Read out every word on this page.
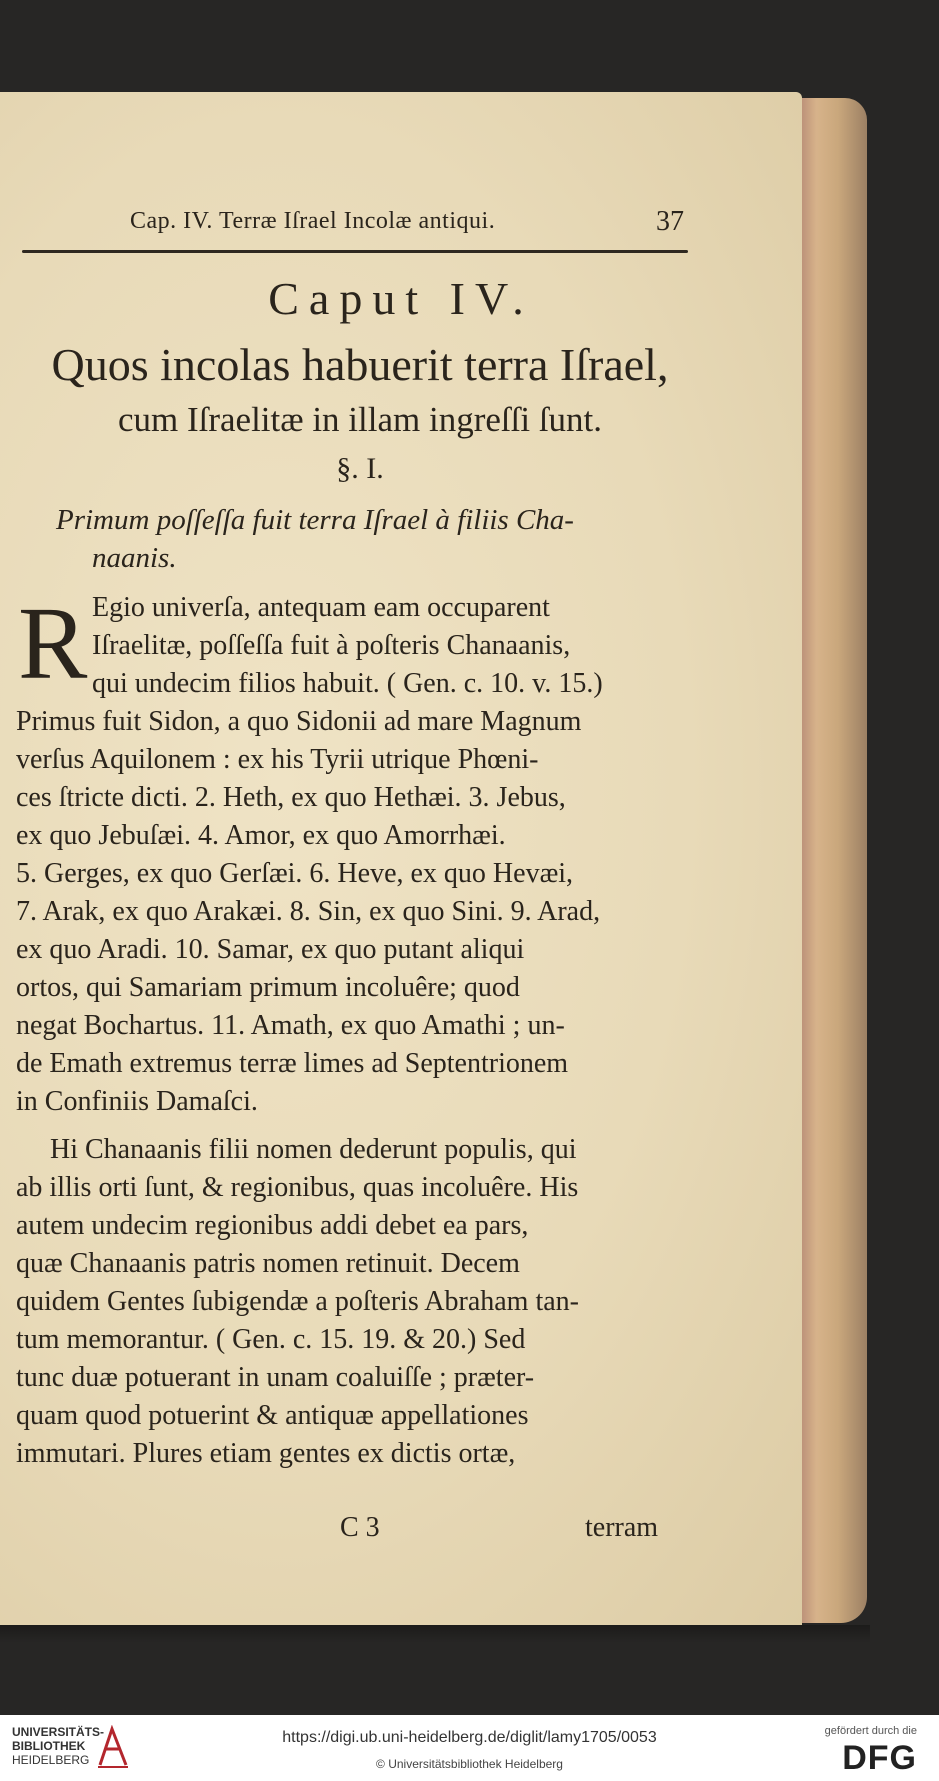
Cap. IV. Terræ Iſrael Incolæ antiqui.	37
Caput IV.
Quos incolas habuerit terra Iſrael,
cum Iſraelitæ in illam ingreſſi ſunt.
§. I.
Primum poſſeſſa fuit terra Iſrael à filiis Cha-
naanis.
R Egio univerſa, antequam eam occuparent
Iſraelitæ, poſſeſſa fuit à poſteris Chanaanis,
qui undecim filios habuit. ( Gen. c. 10. v. 15.)
Primus fuit Sidon, a quo Sidonii ad mare Magnum
verſus Aquilonem : ex his Tyrii utrique Phœni-
ces ſtricte dicti. 2. Heth, ex quo Hethæi. 3. Jebus,
ex quo Jebuſæi. 4. Amor, ex quo Amorrhæi.
5. Gerges, ex quo Gerſæi. 6. Heve, ex quo Hevæi,
7. Arak, ex quo Arakæi. 8. Sin, ex quo Sini. 9. Arad,
ex quo Aradi. 10. Samar, ex quo putant aliqui
ortos, qui Samariam primum incoluêre; quod
negat Bochartus. 11. Amath, ex quo Amathi ; un-
de Emath extremus terræ limes ad Septentrionem
in Confiniis Damaſci.
Hi Chanaanis filii nomen dederunt populis, qui
ab illis orti ſunt, & regionibus, quas incoluêre. His
autem undecim regionibus addi debet ea pars,
quæ Chanaanis patris nomen retinuit. Decem
quidem Gentes ſubigendæ a poſteris Abraham tan-
tum memorantur. ( Gen. c. 15. 19. & 20.) Sed
tunc duæ potuerant in unam coaluiſſe ; præter-
quam quod potuerint & antiquæ appellationes
immutari. Plures etiam gentes ex dictis ortæ,
C 3	terram
UNIVERSITÄTS-
BIBLIOTHEK
HEIDELBERG
https://digi.ub.uni-heidelberg.de/diglit/lamy1705/0053
© Universitätsbibliothek Heidelberg
gefördert durch die
DFG
